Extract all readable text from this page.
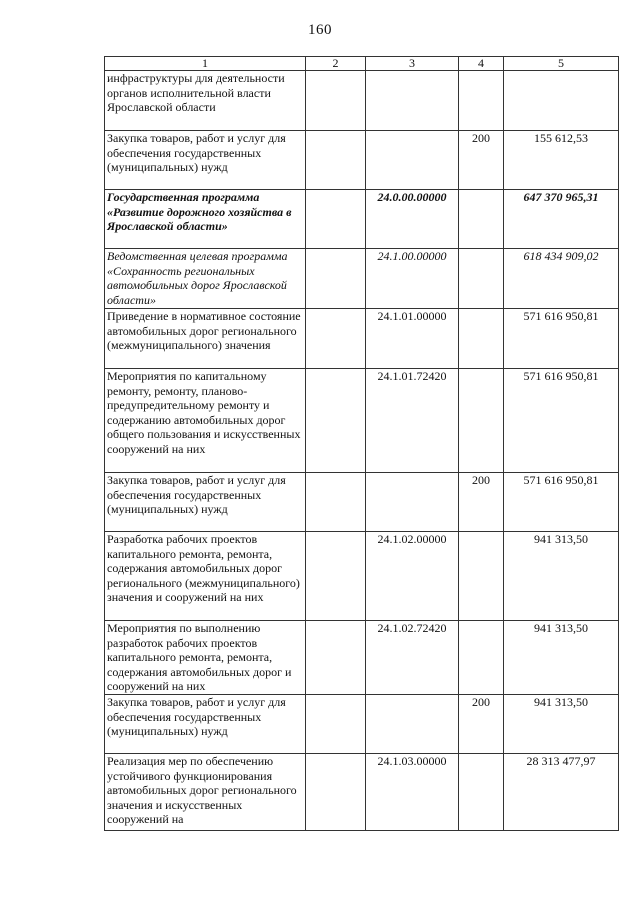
160
1	2	3	4	5
инфраструктуры для деятельности органов исполнительной власти Ярославской области				
Закупка товаров, работ и услуг для обеспечения государственных (муниципальных) нужд			200	155 612,53
Государственная программа «Развитие дорожного хозяйства в Ярославской области»		24.0.00.00000		647 370 965,31
Ведомственная целевая программа «Сохранность региональных автомобильных дорог Ярославской области»		24.1.00.00000		618 434 909,02
Приведение в нормативное состояние автомобильных дорог регионального (межмуниципального) значения		24.1.01.00000		571 616 950,81
Мероприятия по капитальному ремонту, ремонту, планово-предупредительному ремонту и содержанию автомобильных дорог общего пользования и искусственных сооружений на них		24.1.01.72420		571 616 950,81
Закупка товаров, работ и услуг для обеспечения государственных (муниципальных) нужд			200	571 616 950,81
Разработка рабочих проектов капитального ремонта, ремонта, содержания автомобильных дорог регионального (межмуниципального) значения и сооружений на них		24.1.02.00000		941 313,50
Мероприятия по выполнению разработок рабочих проектов капитального ремонта, ремонта, содержания автомобильных дорог и сооружений на них		24.1.02.72420		941 313,50
Закупка товаров, работ и услуг для обеспечения государственных (муниципальных) нужд			200	941 313,50
Реализация мер по обеспечению устойчивого функционирования автомобильных дорог регионального значения и искусственных сооружений на		24.1.03.00000		28 313 477,97
